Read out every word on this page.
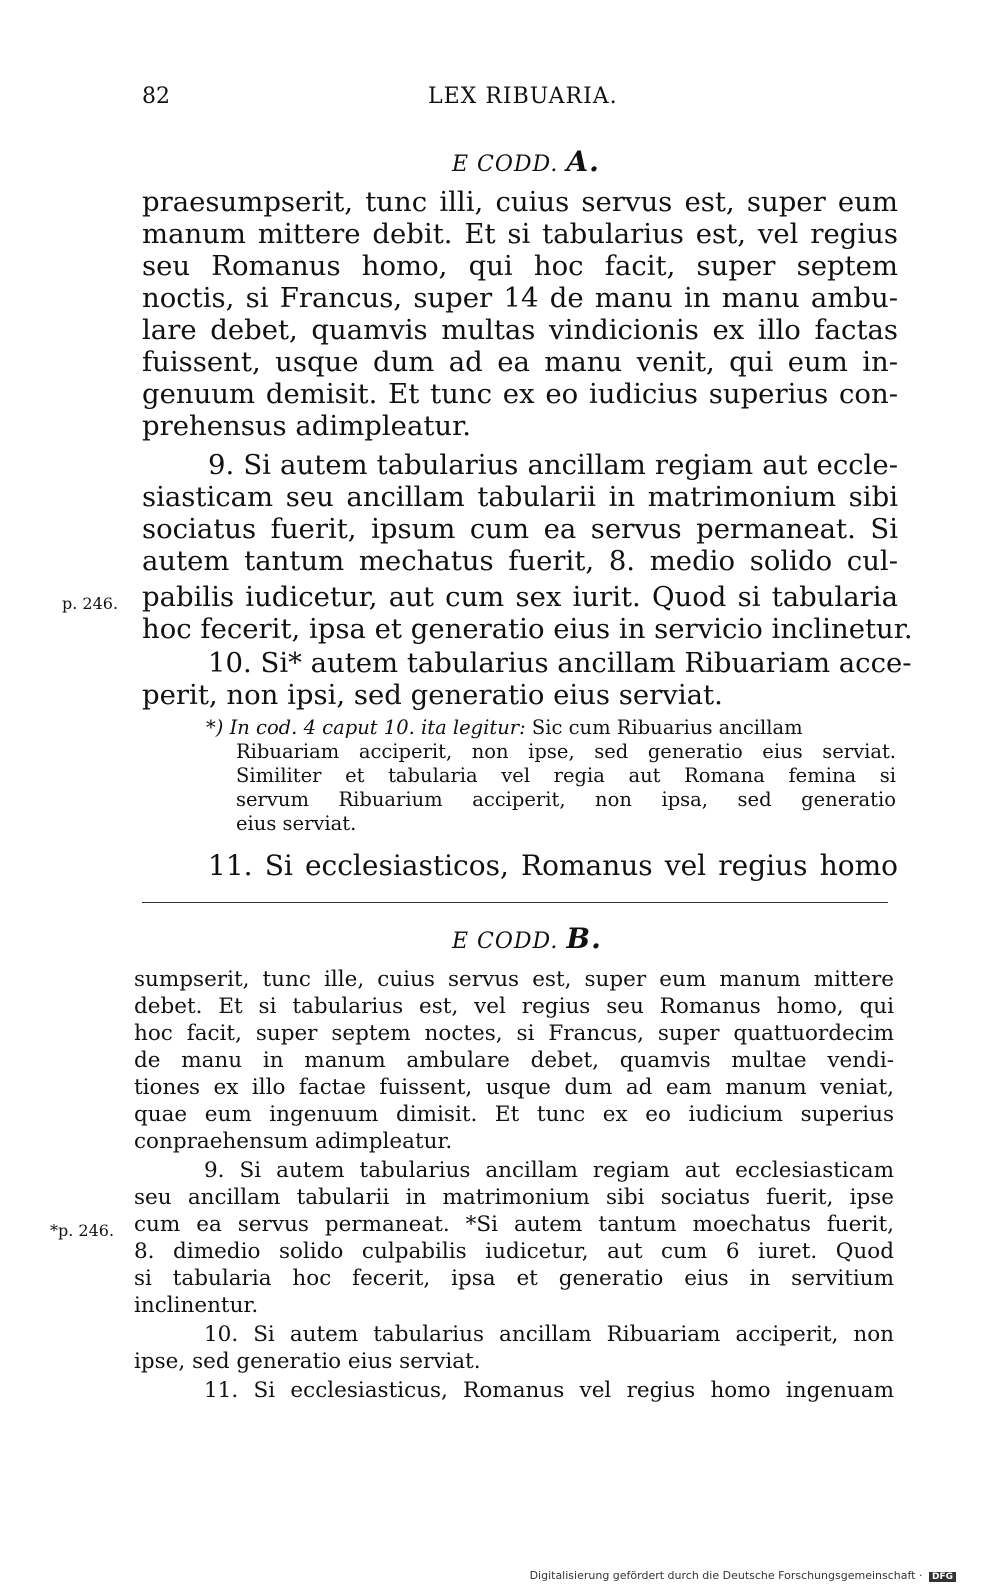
82	LEX RIBUARIA.
E CODD. A.
praesumpserit, tunc illi, cuius servus est, super eum
manum mittere debit. Et si tabularius est, vel regius
seu Romanus homo, qui hoc facit, super septem
noctis, si Francus, super 14 de manu in manu ambu-
lare debet, quamvis multas vindicionis ex illo factas
fuissent, usque dum ad ea manu venit, qui eum in-
genuum demisit. Et tunc ex eo iudicius superius con-
prehensus adimpleatur.
9. Si autem tabularius ancillam regiam aut eccle-
siasticam seu ancillam tabularii in matrimonium sibi
sociatus fuerit, ipsum cum ea servus permaneat. Si
autem tantum mechatus fuerit, 8. medio solido cul-
pabilis iudicetur, aut cum sex iurit. Quod si tabularia
hoc fecerit, ipsa et generatio eius in servicio inclinetur.
10. Si* autem tabularius ancillam Ribuariam acce-
perit, non ipsi, sed generatio eius serviat.
p. 246.
*) In cod. 4 caput 10. ita legitur: Sic cum Ribuarius ancillam
Ribuariam acciperit, non ipse, sed generatio eius serviat.
Similiter et tabularia vel regia aut Romana femina si
servum Ribuarium acciperit, non ipsa, sed generatio
eius serviat.
11. Si ecclesiasticos, Romanus vel regius homo
E CODD. B.
sumpserit, tunc ille, cuius servus est, super eum manum mittere
debet. Et si tabularius est, vel regius seu Romanus homo, qui
hoc facit, super septem noctes, si Francus, super quattuordecim
de manu in manum ambulare debet, quamvis multae vendi-
tiones ex illo factae fuissent, usque dum ad eam manum veniat,
quae eum ingenuum dimisit. Et tunc ex eo iudicium superius
conpraehensum adimpleatur.
9. Si autem tabularius ancillam regiam aut ecclesiasticam
seu ancillam tabularii in matrimonium sibi sociatus fuerit, ipse
cum ea servus permaneat. *Si autem tantum moechatus fuerit,
8. dimedio solido culpabilis iudicetur, aut cum 6 iuret. Quod
si tabularia hoc fecerit, ipsa et generatio eius in servitium
inclinentur.
10. Si autem tabularius ancillam Ribuariam acciperit, non
ipse, sed generatio eius serviat.
11. Si ecclesiasticus, Romanus vel regius homo ingenuam
*p. 246.
Digitalisierung gefördert durch die Deutsche Forschungsgemeinschaft · DFG
